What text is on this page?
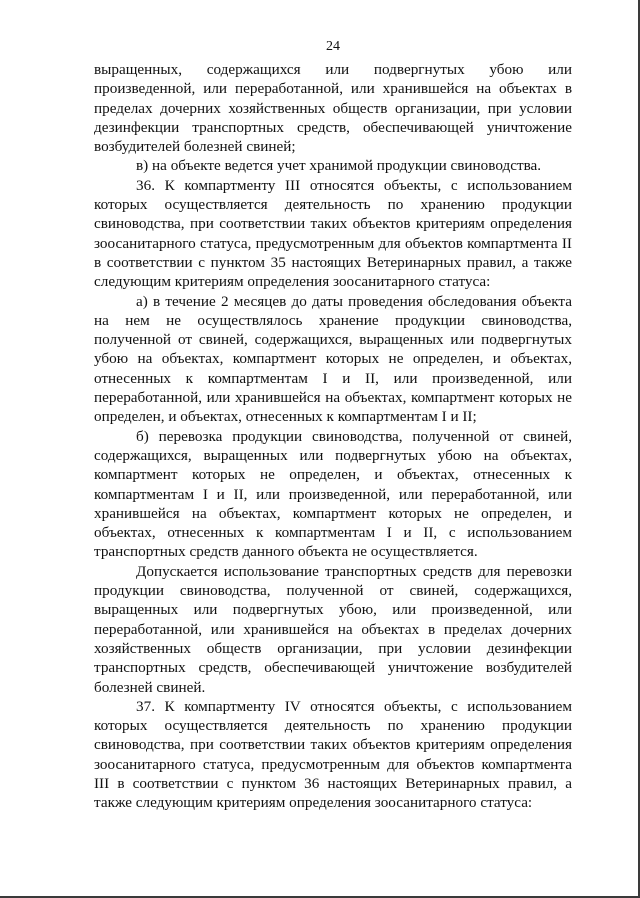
24

выращенных, содержащихся или подвергнутых убою или произведенной, или переработанной, или хранившейся на объектах в пределах дочерних хозяйственных обществ организации, при условии дезинфекции транспортных средств, обеспечивающей уничтожение возбудителей болезней свиней;

в) на объекте ведется учет хранимой продукции свиноводства.

36. К компартменту III относятся объекты, с использованием которых осуществляется деятельность по хранению продукции свиноводства, при соответствии таких объектов критериям определения зоосанитарного статуса, предусмотренным для объектов компартмента II в соответствии с пунктом 35 настоящих Ветеринарных правил, а также следующим критериям определения зоосанитарного статуса:

а) в течение 2 месяцев до даты проведения обследования объекта на нем не осуществлялось хранение продукции свиноводства, полученной от свиней, содержащихся, выращенных или подвергнутых убою на объектах, компартмент которых не определен, и объектах, отнесенных к компартментам I и II, или произведенной, или переработанной, или хранившейся на объектах, компартмент которых не определен, и объектах, отнесенных к компартментам I и II;

б) перевозка продукции свиноводства, полученной от свиней, содержащихся, выращенных или подвергнутых убою на объектах, компартмент которых не определен, и объектах, отнесенных к компартментам I и II, или произведенной, или переработанной, или хранившейся на объектах, компартмент которых не определен, и объектах, отнесенных к компартментам I и II, с использованием транспортных средств данного объекта не осуществляется.

Допускается использование транспортных средств для перевозки продукции свиноводства, полученной от свиней, содержащихся, выращенных или подвергнутых убою, или произведенной, или переработанной, или хранившейся на объектах в пределах дочерних хозяйственных обществ организации, при условии дезинфекции транспортных средств, обеспечивающей уничтожение возбудителей болезней свиней.

37. К компартменту IV относятся объекты, с использованием которых осуществляется деятельность по хранению продукции свиноводства, при соответствии таких объектов критериям определения зоосанитарного статуса, предусмотренным для объектов компартмента III в соответствии с пунктом 36 настоящих Ветеринарных правил, а также следующим критериям определения зоосанитарного статуса:
